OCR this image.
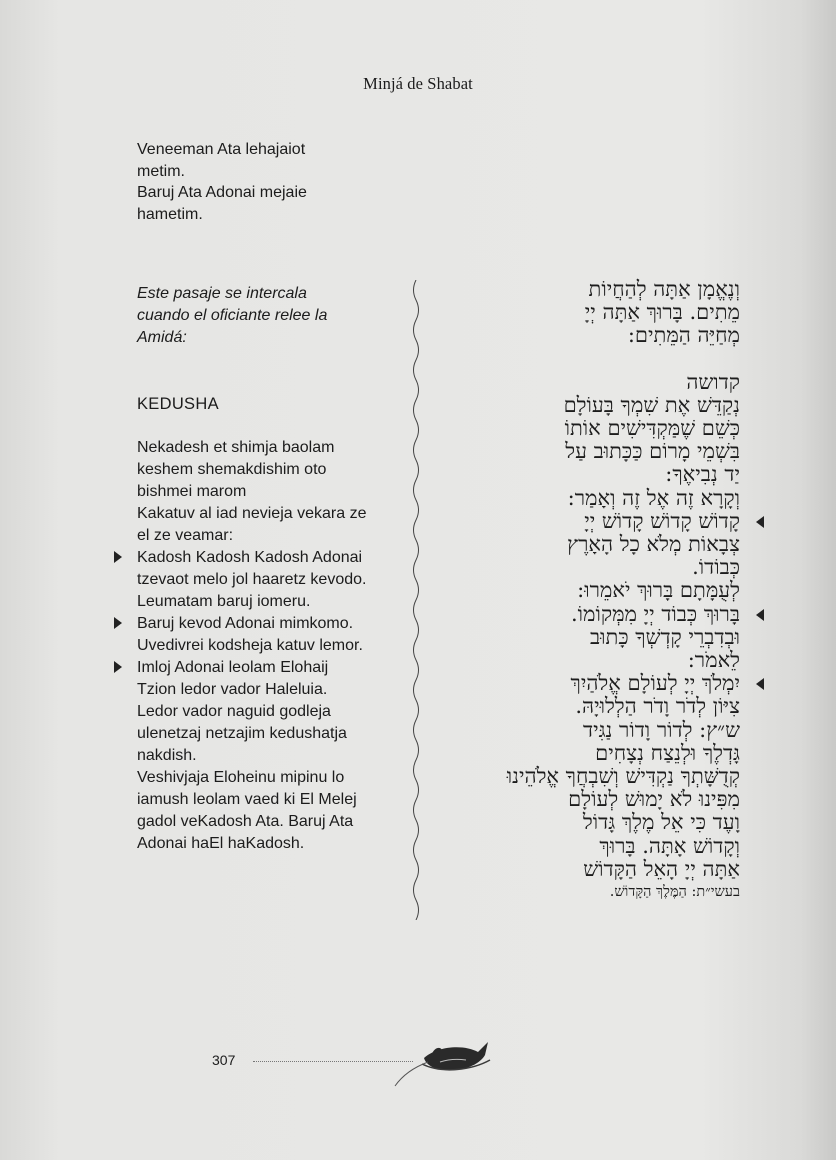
Minjá de Shabat
Veneeman Ata lehajaiot
metim.
Baruj Ata Adonai mejaie
hametim.
Este pasaje se intercala
cuando el oficiante relee la
Amidá:
KEDUSHA
Nekadesh et shimja baolam
keshem shemakdishim oto
bishmei marom
Kakatuv al iad nevieja vekara ze
el ze veamar:
Kadosh Kadosh Kadosh Adonai
tzevaot melo jol haaretz kevodo.
Leumatam baruj iomeru.
Baruj kevod Adonai mimkomo.
Uvedivrei kodsheja katuv lemor.
Imloj Adonai leolam Elohaij
Tzion ledor vador Haleluia.
Ledor vador naguid godleja
ulenetzaj netzajim kedushatja
nakdish.
Veshivjaja Eloheinu mipinu lo
iamush leolam vaed ki El Melej
gadol veKadosh Ata. Baruj Ata
Adonai haEl haKadosh.
וְנֶאֱמָן אַתָּה לְהַחֲיוֹת
מֵתִים. בָּרוּךְ אַתָּה יְיָ
מְחַיֵּה הַמֵּתִים:
קדושה
נְקַדֵּשׁ אֶת שִׁמְךָ בָּעוֹלָם
כְּשֵׁם שֶׁמַּקְדִּישִׁים אוֹתוֹ
בִּשְׁמֵי מָרוֹם כַּכָּתוּב עַל
יַד נְבִיאֶךָ:
וְקָרָא זֶה אֶל זֶה וְאָמַר:
קָדוֹשׁ קָדוֹשׁ קָדוֹשׁ יְיָ
צְבָאוֹת מְלֹא כָל הָאָרֶץ
כְּבוֹדוֹ.
לְעֻמָּתָם בָּרוּךְ יֹאמֵרוּ:
בָּרוּךְ כְּבוֹד יְיָ מִמְּקוֹמוֹ.
וּבְדִבְרֵי קָדְשְׁךָ כָּתוּב
לֵאמֹר:
יִמְלֹךְ יְיָ לְעוֹלָם אֱלֹהַיִךְ
צִיּוֹן לְדֹר וָדֹר הַלְלוּיָהּ.
ש״ץ: לְדוֹר וָדוֹר נַגִּיד
גָּדְלֶךָ וּלְנֵצַח נְצָחִים
קְדֻשָּׁתְךָ נַקְדִּישׁ וְשִׁבְחֲךָ אֱלֹהֵינוּ
מִפִּינוּ לֹא יָמוּשׁ לְעוֹלָם
וָעֶד כִּי אֵל מֶלֶךְ גָּדוֹל
וְקָדוֹשׁ אָתָּה. בָּרוּךְ
אַתָּה יְיָ הָאֵל הַקָּדוֹשׁ
בעשי״ת: הַמֶּלֶךְ הַקָּדוֹשׁ.
307
